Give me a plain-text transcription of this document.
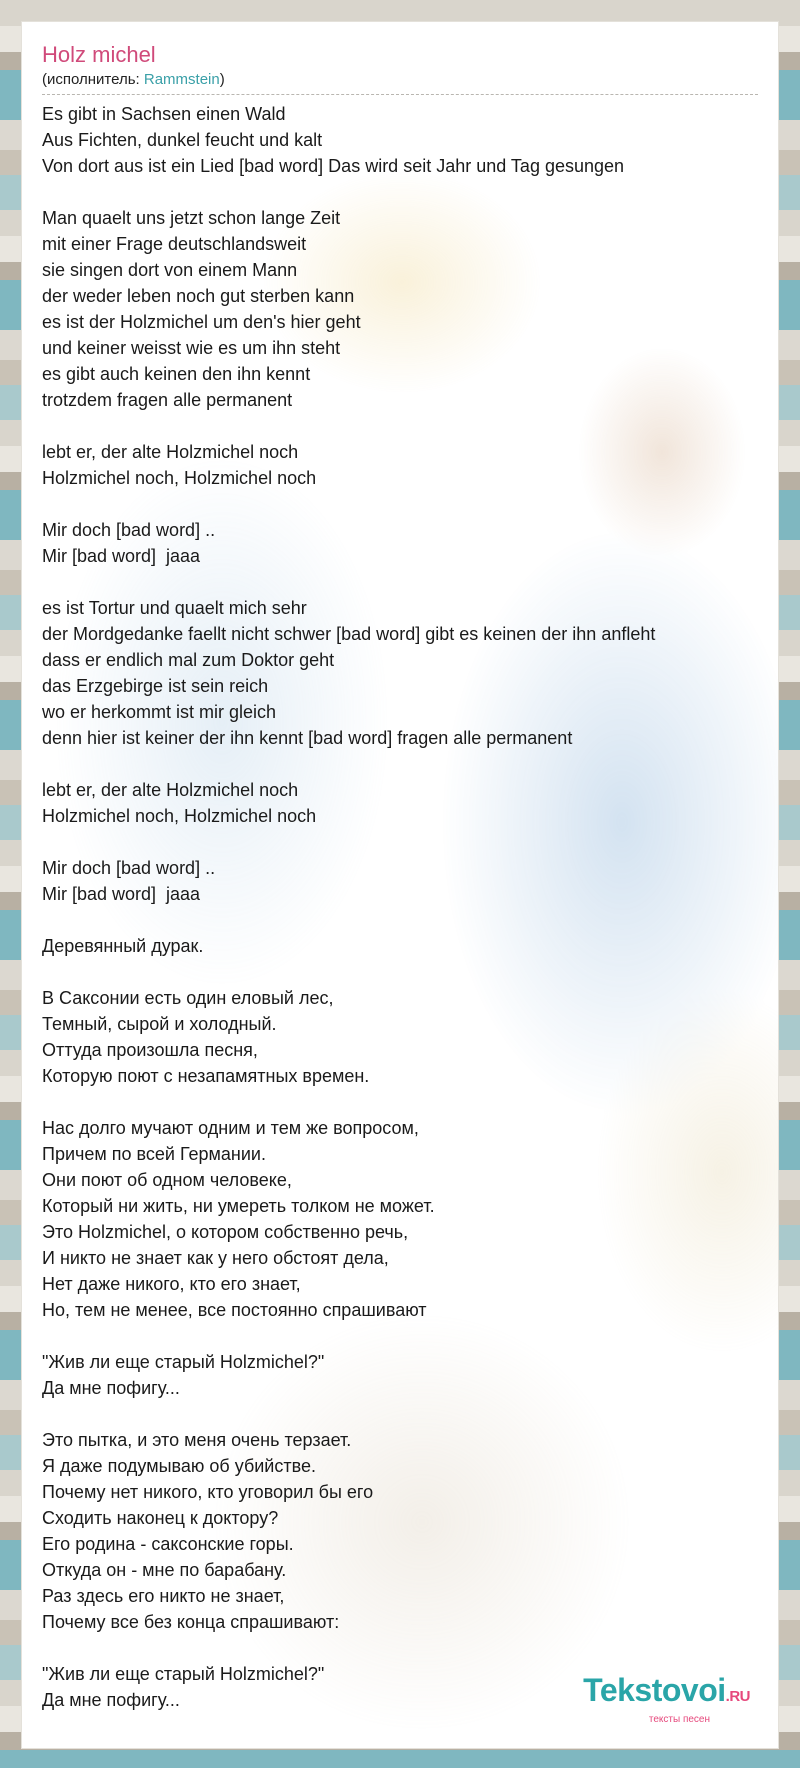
Holz michel
(исполнитель: Rammstein)
Es gibt in Sachsen einen Wald
Aus Fichten, dunkel feucht und kalt
Von dort aus ist ein Lied [bad word] Das wird seit Jahr und Tag gesungen
Man quaelt uns jetzt schon lange Zeit
mit einer Frage deutschlandsweit
sie singen dort von einem Mann
der weder leben noch gut sterben kann
es ist der Holzmichel um den's hier geht
und keiner weisst wie es um ihn steht
es gibt auch keinen den ihn kennt
trotzdem fragen alle permanent
lebt er, der alte Holzmichel noch
Holzmichel noch, Holzmichel noch
Mir doch [bad word] ..
Mir [bad word]  jaaa
es ist Tortur und quaelt mich sehr
der Mordgedanke faellt nicht schwer [bad word] gibt es keinen der ihn anfleht
dass er endlich mal zum Doktor geht
das Erzgebirge ist sein reich
wo er herkommt ist mir gleich
denn hier ist keiner der ihn kennt [bad word] fragen alle permanent
lebt er, der alte Holzmichel noch
Holzmichel noch, Holzmichel noch
Mir doch [bad word] ..
Mir [bad word]  jaaa
Деревянный дурак.
В Саксонии есть один еловый лес,
Темный, сырой и холодный.
Оттуда произошла песня,
Которую поют с незапамятных времен.
Нас долго мучают одним и тем же вопросом,
Причем по всей Германии.
Они поют об одном человеке,
Который ни жить, ни умереть толком не может.
Это Holzmichel, о котором собственно речь,
И никто не знает как у него обстоят дела,
Нет даже никого, кто его знает,
Но, тем не менее, все постоянно спрашивают
"Жив ли еще старый Holzmichel?"
Да мне пофигу...
Это пытка, и это меня очень терзает.
Я даже подумываю об убийстве.
Почему нет никого, кто уговорил бы его
Сходить наконец к доктору?
Его родина - саксонские горы.
Откуда он - мне по барабану.
Раз здесь его никто не знает,
Почему все без конца спрашивают:
"Жив ли еще старый Holzmichel?"
Да мне пофигу...	Tekstovoi.RU
тексты песен
